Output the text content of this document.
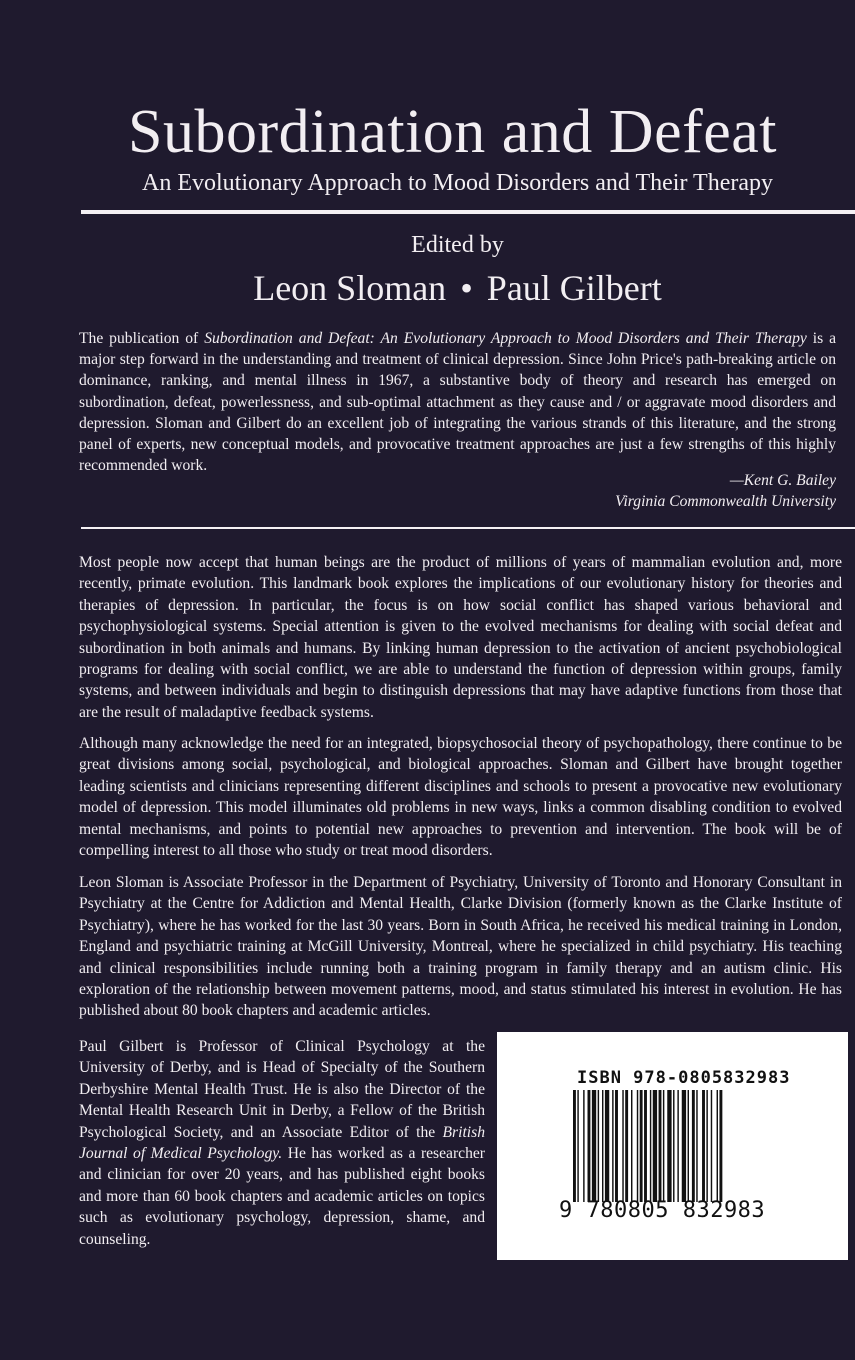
Subordination and Defeat
An Evolutionary Approach to Mood Disorders and Their Therapy
Edited by
Leon Sloman • Paul Gilbert

The publication of Subordination and Defeat: An Evolutionary Approach to Mood Disorders and Their Therapy is a major step forward in the understanding and treatment of clinical depression. Since John Price's path-breaking article on dominance, ranking, and mental illness in 1967, a substantive body of theory and research has emerged on subordination, defeat, powerlessness, and sub-optimal attachment as they cause and / or aggravate mood disorders and depression. Sloman and Gilbert do an excellent job of integrating the various strands of this literature, and the strong panel of experts, new conceptual models, and provocative treatment approaches are just a few strengths of this highly recommended work.

—Kent G. Bailey
Virginia Commonwealth University

Most people now accept that human beings are the product of millions of years of mammalian evolution and, more recently, primate evolution. This landmark book explores the implications of our evolutionary history for theories and therapies of depression. In particular, the focus is on how social conflict has shaped various behavioral and psychophysiological systems. Special attention is given to the evolved mechanisms for dealing with social defeat and subordination in both animals and humans. By linking human depression to the activation of ancient psychobiological programs for dealing with social conflict, we are able to understand the function of depression within groups, family systems, and between individuals and begin to distinguish depressions that may have adaptive functions from those that are the result of maladaptive feedback systems.

Although many acknowledge the need for an integrated, biopsychosocial theory of psychopathology, there continue to be great divisions among social, psychological, and biological approaches. Sloman and Gilbert have brought together leading scientists and clinicians representing different disciplines and schools to present a provocative new evolutionary model of depression. This model illuminates old problems in new ways, links a common disabling condition to evolved mental mechanisms, and points to potential new approaches to prevention and intervention. The book will be of compelling interest to all those who study or treat mood disorders.

Leon Sloman is Associate Professor in the Department of Psychiatry, University of Toronto and Honorary Consultant in Psychiatry at the Centre for Addiction and Mental Health, Clarke Division (formerly known as the Clarke Institute of Psychiatry), where he has worked for the last 30 years. Born in South Africa, he received his medical training in London, England and psychiatric training at McGill University, Montreal, where he specialized in child psychiatry. His teaching and clinical responsibilities include running both a training program in family therapy and an autism clinic. His exploration of the relationship between movement patterns, mood, and status stimulated his interest in evolution. He has published about 80 book chapters and academic articles.

Paul Gilbert is Professor of Clinical Psychology at the University of Derby, and is Head of Specialty of the Southern Derbyshire Mental Health Trust. He is also the Director of the Mental Health Research Unit in Derby, a Fellow of the British Psychological Society, and an Associate Editor of the British Journal of Medical Psychology. He has worked as a researcher and clinician for over 20 years, and has published eight books and more than 60 book chapters and academic articles on topics such as evolutionary psychology, depression, shame, and counseling.

ISBN 978-0805832983
9 780805 832983
